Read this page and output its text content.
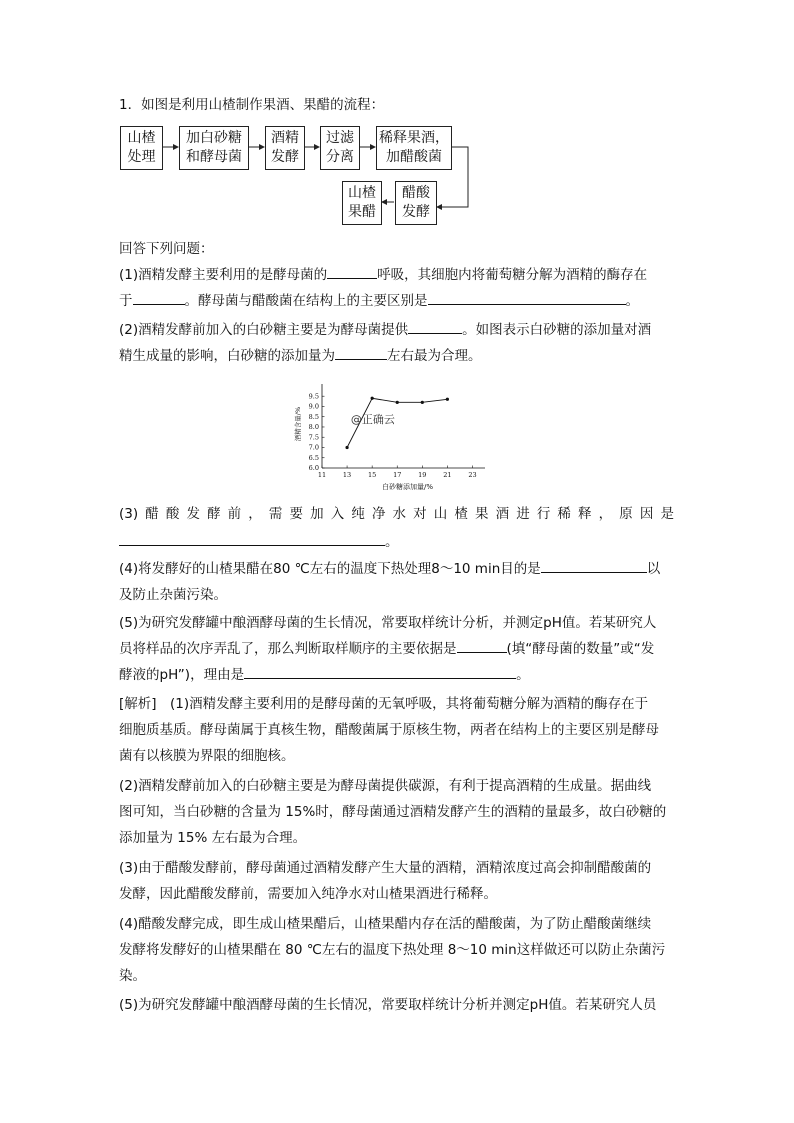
1．如图是利用山楂制作果酒、果醋的流程：
山楂
处理
加白砂糖
和酵母菌
酒精
发酵
过滤
分离
稀释果酒，
加醋酸菌
醋酸
发酵
山楂
果醋
回答下列问题：
(1)酒精发酵主要利用的是酵母菌的	呼吸，其细胞内将葡萄糖分解为酒精的酶存在
于	。酵母菌与醋酸菌在结构上的主要区别是	。
(2)酒精发酵前加入的白砂糖主要是为酵母菌提供	。如图表示白砂糖的添加量对酒
精生成量的影响，白砂糖的添加量为	左右最为合理。
11	13	15	17	19	21	23
6.0
6.5
7.0
7.5
8.0
8.5
9.0
9.5
白砂糖添加量/%
酒精含量/%	@正确云
(3) 醋 酸 发 酵 前 ， 需 要 加 入 纯 净 水 对 山 楂 果 酒 进 行 稀 释 ， 原 因 是
。
(4)将发酵好的山楂果醋在80 ℃左右的温度下热处理8～10 min目的是	以
及防止杂菌污染。
(5)为研究发酵罐中酿酒酵母菌的生长情况，常要取样统计分析，并测定pH值。若某研究人
员将样品的次序弄乱了，那么判断取样顺序的主要依据是	(填“酵母菌的数量”或“发
酵液的pH”)，理由是	。
[解析]　(1)酒精发酵主要利用的是酵母菌的无氧呼吸，其将葡萄糖分解为酒精的酶存在于
细胞质基质。酵母菌属于真核生物，醋酸菌属于原核生物，两者在结构上的主要区别是酵母
菌有以核膜为界限的细胞核。
(2)酒精发酵前加入的白砂糖主要是为酵母菌提供碳源，有利于提高酒精的生成量。据曲线
图可知，当白砂糖的含量为 15%时，酵母菌通过酒精发酵产生的酒精的量最多，故白砂糖的
添加量为 15% 左右最为合理。
(3)由于醋酸发酵前，酵母菌通过酒精发酵产生大量的酒精，酒精浓度过高会抑制醋酸菌的
发酵，因此醋酸发酵前，需要加入纯净水对山楂果酒进行稀释。
(4)醋酸发酵完成，即生成山楂果醋后，山楂果醋内存在活的醋酸菌，为了防止醋酸菌继续
发酵将发酵好的山楂果醋在 80 ℃左右的温度下热处理 8～10 min这样做还可以防止杂菌污
染。
(5)为研究发酵罐中酿酒酵母菌的生长情况，常要取样统计分析并测定pH值。若某研究人员
